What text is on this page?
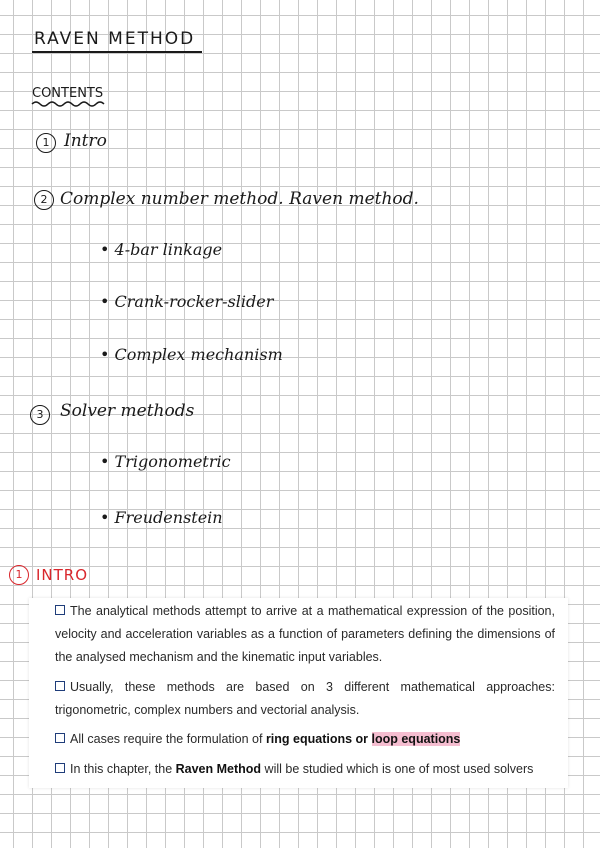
RAVEN METHOD
CONTENTS
1 Intro
2 Complex number method. Raven method.
• 4-bar linkage
• Crank-rocker-slider
• Complex mechanism
3 Solver methods
• Trigonometric
• Freudenstein
1 INTRO
The analytical methods attempt to arrive at a mathematical expression of the position, velocity and acceleration variables as a function of parameters defining the dimensions of the analysed mechanism and the kinematic input variables.
Usually, these methods are based on 3 different mathematical approaches: trigonometric, complex numbers and vectorial analysis.
All cases require the formulation of ring equations or loop equations
In this chapter, the Raven Method will be studied which is one of most used solvers
